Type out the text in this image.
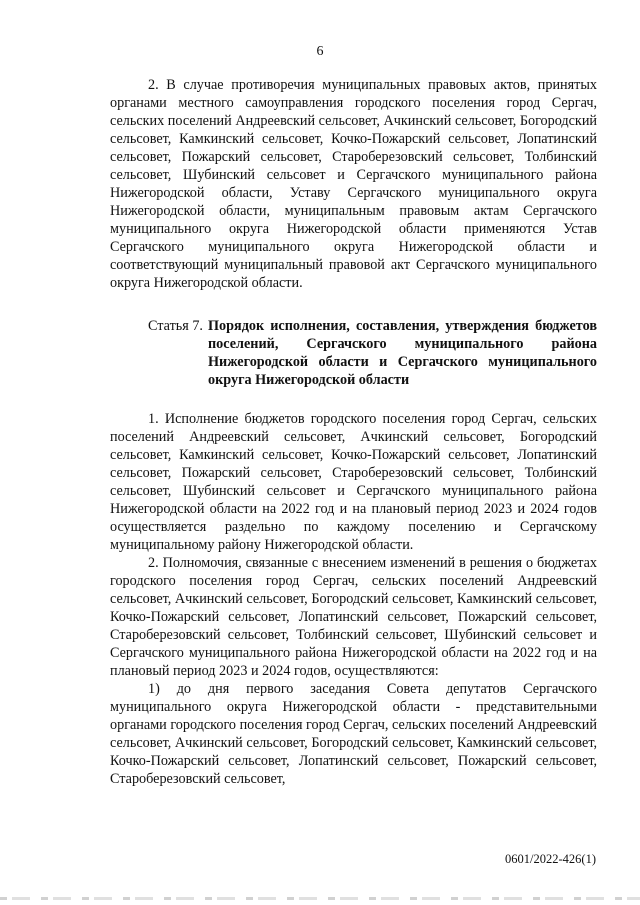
6

2. В случае противоречия муниципальных правовых актов, принятых органами местного самоуправления городского поселения город Сергач, сельских поселений Андреевский сельсовет, Ачкинский сельсовет, Богородский сельсовет, Камкинский сельсовет, Кочко-Пожарский сельсовет, Лопатинский сельсовет, Пожарский сельсовет, Староберезовский сельсовет, Толбинский сельсовет, Шубинский сельсовет и Сергачского муниципального района Нижегородской области, Уставу Сергачского муниципального округа Нижегородской области, муниципальным правовым актам Сергачского муниципального округа Нижегородской области применяются Устав Сергачского муниципального округа Нижегородской области и соответствующий муниципальный правовой акт Сергачского муниципального округа Нижегородской области.

Статья 7. Порядок исполнения, составления, утверждения бюджетов поселений, Сергачского муниципального района Нижегородской области и Сергачского муниципального округа Нижегородской области

1. Исполнение бюджетов городского поселения город Сергач, сельских поселений Андреевский сельсовет, Ачкинский сельсовет, Богородский сельсовет, Камкинский сельсовет, Кочко-Пожарский сельсовет, Лопатинский сельсовет, Пожарский сельсовет, Староберезовский сельсовет, Толбинский сельсовет, Шубинский сельсовет и Сергачского муниципального района Нижегородской области на 2022 год и на плановый период 2023 и 2024 годов осуществляется раздельно по каждому поселению и Сергачскому муниципальному району Нижегородской области.

2. Полномочия, связанные с внесением изменений в решения о бюджетах городского поселения город Сергач, сельских поселений Андреевский сельсовет, Ачкинский сельсовет, Богородский сельсовет, Камкинский сельсовет, Кочко-Пожарский сельсовет, Лопатинский сельсовет, Пожарский сельсовет, Староберезовский сельсовет, Толбинский сельсовет, Шубинский сельсовет и Сергачского муниципального района Нижегородской области на 2022 год и на плановый период 2023 и 2024 годов, осуществляются:

1) до дня первого заседания Совета депутатов Сергачского муниципального округа Нижегородской области - представительными органами городского поселения город Сергач, сельских поселений Андреевский сельсовет, Ачкинский сельсовет, Богородский сельсовет, Камкинский сельсовет, Кочко-Пожарский сельсовет, Лопатинский сельсовет, Пожарский сельсовет, Староберезовский сельсовет,

0601/2022-426(1)
